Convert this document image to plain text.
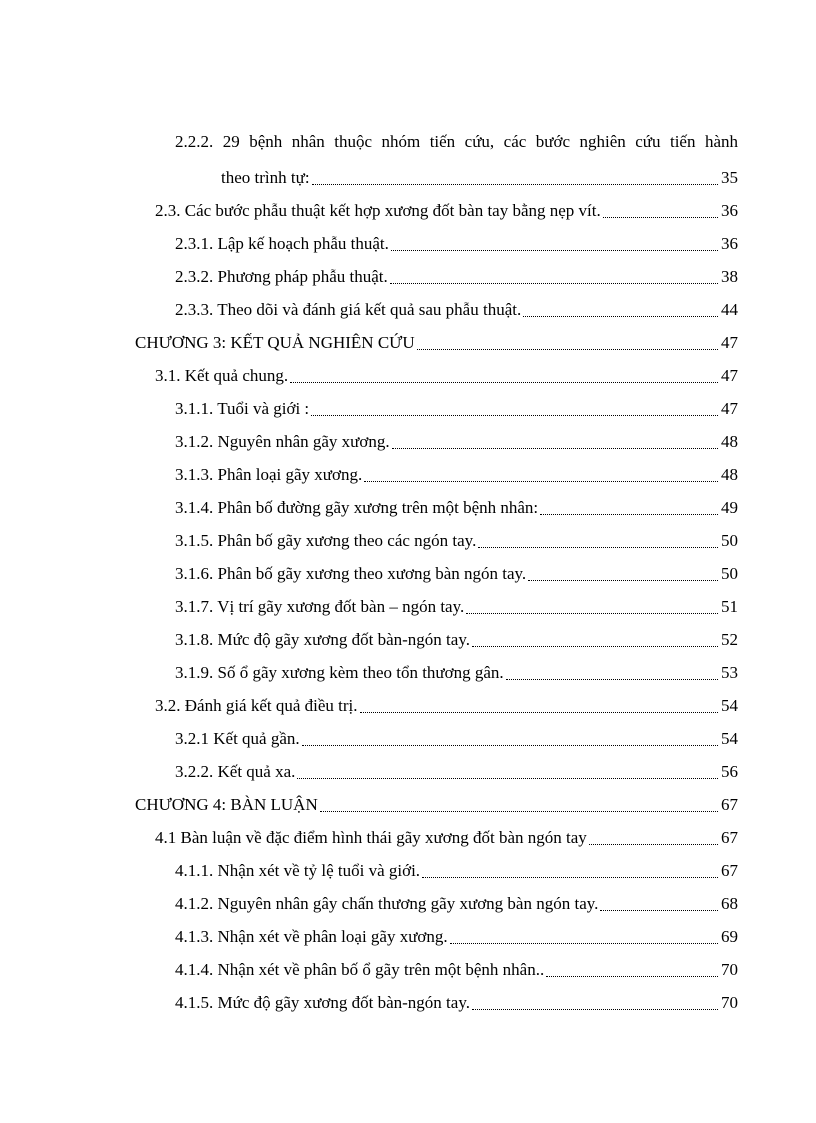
2.2.2. 29 bệnh nhân thuộc nhóm tiến cứu, các bước nghiên cứu tiến hành
theo trình tự:	35
2.3. Các bước phẫu thuật kết hợp xương đốt bàn tay bằng nẹp vít.	36
2.3.1. Lập kế hoạch phẫu thuật.	36
2.3.2. Phương pháp phẫu thuật.	38
2.3.3. Theo dõi và đánh giá kết quả sau phẫu thuật.	44
CHƯƠNG 3: KẾT QUẢ NGHIÊN CỨU	47
3.1. Kết quả chung.	47
3.1.1. Tuổi và giới :	47
3.1.2. Nguyên nhân gãy xương.	48
3.1.3. Phân loại gãy xương.	48
3.1.4. Phân bố đường gãy xương trên một bệnh nhân:	49
3.1.5. Phân bố gãy xương theo các ngón tay.	50
3.1.6. Phân bố gãy xương theo xương bàn ngón tay.	50
3.1.7. Vị trí gãy xương đốt bàn – ngón tay.	51
3.1.8. Mức độ gãy xương đốt bàn-ngón tay.	52
3.1.9. Số ổ gãy xương kèm theo tổn thương gân.	53
3.2. Đánh giá kết quả điều trị.	54
3.2.1 Kết quả gần.	54
3.2.2. Kết quả xa.	56
CHƯƠNG 4: BÀN LUẬN	67
4.1 Bàn luận về đặc điểm hình thái gãy xương đốt bàn ngón tay	67
4.1.1. Nhận xét về tỷ lệ tuổi và giới.	67
4.1.2. Nguyên nhân gây chấn thương gãy xương bàn ngón tay.	68
4.1.3. Nhận xét về phân loại gãy xương.	69
4.1.4. Nhận xét về phân bố ổ gãy trên một bệnh nhân..	70
4.1.5. Mức độ gãy xương đốt bàn-ngón tay.	70
